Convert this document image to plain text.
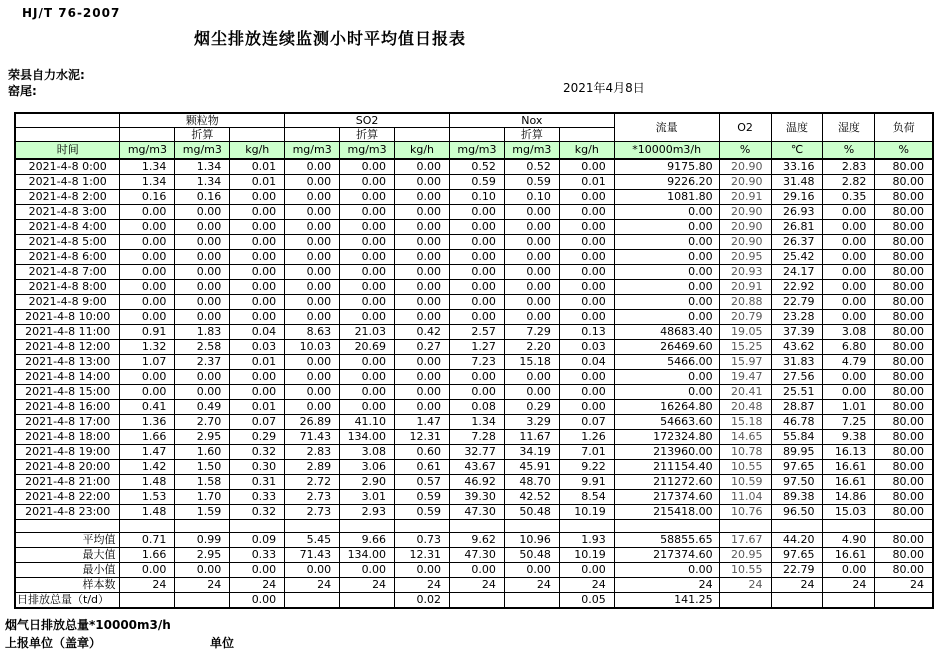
HJ/T 76-2007
烟尘排放连续监测小时平均值日报表
荣县自力水泥:
窑尾:	2021年4月8日
	颗粒物			SO2			Nox			流量	O2	温度	湿度	负荷
		折算			折算			折算						
时间	mg/m3	mg/m3	kg/h	mg/m3	mg/m3	kg/h	mg/m3	mg/m3	kg/h	*10000m3/h	%	℃	%	%
2021-4-8 0:00	1.34	1.34	0.01	0.00	0.00	0.00	0.52	0.52	0.00	9175.80	20.90	33.16	2.83	80.00
2021-4-8 1:00	1.34	1.34	0.01	0.00	0.00	0.00	0.59	0.59	0.01	9226.20	20.90	31.48	2.82	80.00
2021-4-8 2:00	0.16	0.16	0.00	0.00	0.00	0.00	0.10	0.10	0.00	1081.80	20.91	29.16	0.35	80.00
2021-4-8 3:00	0.00	0.00	0.00	0.00	0.00	0.00	0.00	0.00	0.00	0.00	20.90	26.93	0.00	80.00
2021-4-8 4:00	0.00	0.00	0.00	0.00	0.00	0.00	0.00	0.00	0.00	0.00	20.90	26.81	0.00	80.00
2021-4-8 5:00	0.00	0.00	0.00	0.00	0.00	0.00	0.00	0.00	0.00	0.00	20.90	26.37	0.00	80.00
2021-4-8 6:00	0.00	0.00	0.00	0.00	0.00	0.00	0.00	0.00	0.00	0.00	20.95	25.42	0.00	80.00
2021-4-8 7:00	0.00	0.00	0.00	0.00	0.00	0.00	0.00	0.00	0.00	0.00	20.93	24.17	0.00	80.00
2021-4-8 8:00	0.00	0.00	0.00	0.00	0.00	0.00	0.00	0.00	0.00	0.00	20.91	22.92	0.00	80.00
2021-4-8 9:00	0.00	0.00	0.00	0.00	0.00	0.00	0.00	0.00	0.00	0.00	20.88	22.79	0.00	80.00
2021-4-8 10:00	0.00	0.00	0.00	0.00	0.00	0.00	0.00	0.00	0.00	0.00	20.79	23.28	0.00	80.00
2021-4-8 11:00	0.91	1.83	0.04	8.63	21.03	0.42	2.57	7.29	0.13	48683.40	19.05	37.39	3.08	80.00
2021-4-8 12:00	1.32	2.58	0.03	10.03	20.69	0.27	1.27	2.20	0.03	26469.60	15.25	43.62	6.80	80.00
2021-4-8 13:00	1.07	2.37	0.01	0.00	0.00	0.00	7.23	15.18	0.04	5466.00	15.97	31.83	4.79	80.00
2021-4-8 14:00	0.00	0.00	0.00	0.00	0.00	0.00	0.00	0.00	0.00	0.00	19.47	27.56	0.00	80.00
2021-4-8 15:00	0.00	0.00	0.00	0.00	0.00	0.00	0.00	0.00	0.00	0.00	20.41	25.51	0.00	80.00
2021-4-8 16:00	0.41	0.49	0.01	0.00	0.00	0.00	0.08	0.29	0.00	16264.80	20.48	28.87	1.01	80.00
2021-4-8 17:00	1.36	2.70	0.07	26.89	41.10	1.47	1.34	3.29	0.07	54663.60	15.18	46.78	7.25	80.00
2021-4-8 18:00	1.66	2.95	0.29	71.43	134.00	12.31	7.28	11.67	1.26	172324.80	14.65	55.84	9.38	80.00
2021-4-8 19:00	1.47	1.60	0.32	2.83	3.08	0.60	32.77	34.19	7.01	213960.00	10.78	89.95	16.13	80.00
2021-4-8 20:00	1.42	1.50	0.30	2.89	3.06	0.61	43.67	45.91	9.22	211154.40	10.55	97.65	16.61	80.00
2021-4-8 21:00	1.48	1.58	0.31	2.72	2.90	0.57	46.92	48.70	9.91	211272.60	10.59	97.50	16.61	80.00
2021-4-8 22:00	1.53	1.70	0.33	2.73	3.01	0.59	39.30	42.52	8.54	217374.60	11.04	89.38	14.86	80.00
2021-4-8 23:00	1.48	1.59	0.32	2.73	2.93	0.59	47.30	50.48	10.19	215418.00	10.76	96.50	15.03	80.00

平均值	0.71	0.99	0.09	5.45	9.66	0.73	9.62	10.96	1.93	58855.65	17.67	44.20	4.90	80.00
最大值	1.66	2.95	0.33	71.43	134.00	12.31	47.30	50.48	10.19	217374.60	20.95	97.65	16.61	80.00
最小值	0.00	0.00	0.00	0.00	0.00	0.00	0.00	0.00	0.00	0.00	10.55	22.79	0.00	80.00
样本数	24	24	24	24	24	24	24	24	24	24	24	24	24	24
日排放总量（t/d）			0.00			0.02			0.05	141.25				
烟气日排放总量*10000m3/h
上报单位（盖章）	单位
